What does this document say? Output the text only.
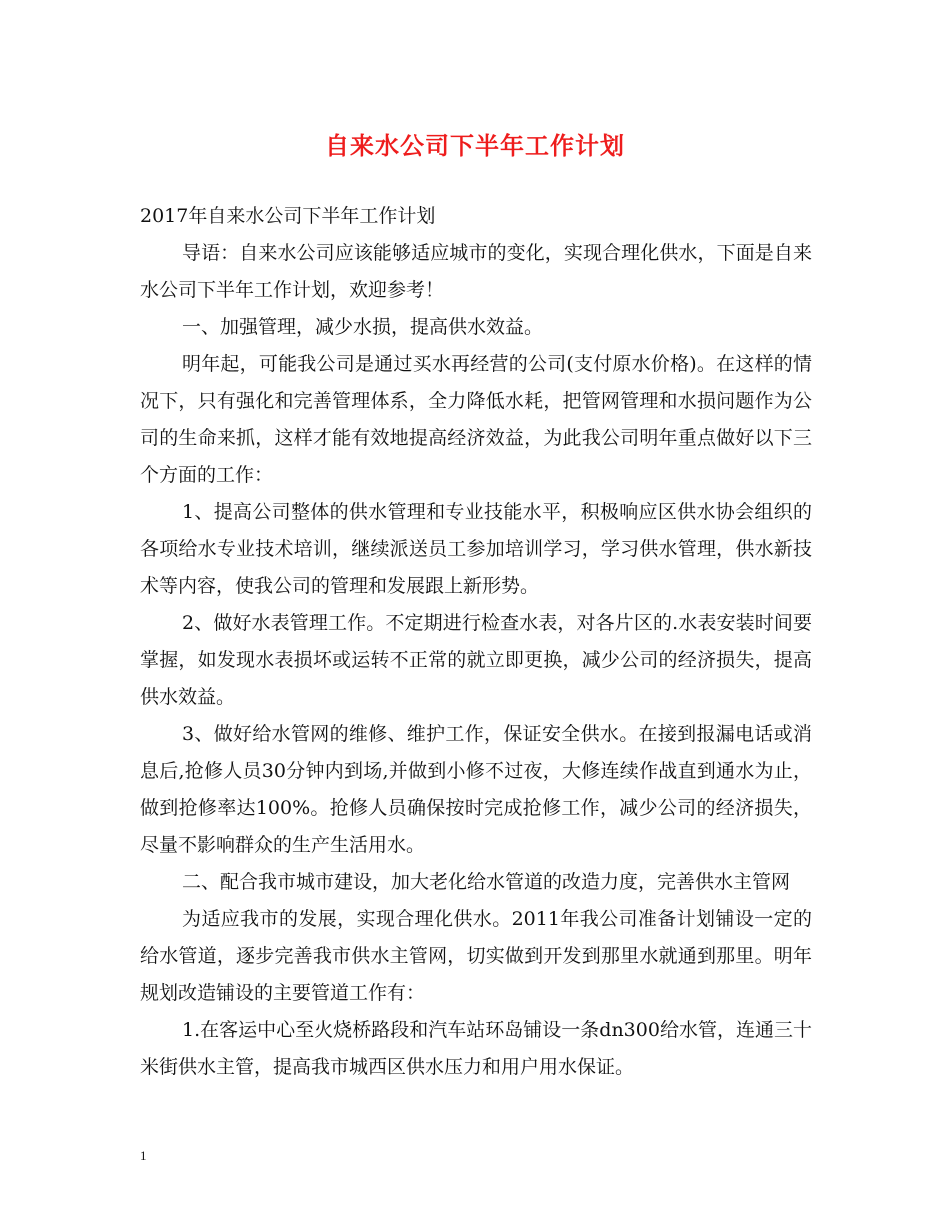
自来水公司下半年工作计划

2017年自来水公司下半年工作计划

导语：自来水公司应该能够适应城市的变化，实现合理化供水，下面是自来水公司下半年工作计划，欢迎参考！

一、加强管理，减少水损，提高供水效益。

明年起，可能我公司是通过买水再经营的公司(支付原水价格)。在这样的情况下，只有强化和完善管理体系，全力降低水耗，把管网管理和水损问题作为公司的生命来抓，这样才能有效地提高经济效益，为此我公司明年重点做好以下三个方面的工作：

1、提高公司整体的供水管理和专业技能水平，积极响应区供水协会组织的各项给水专业技术培训，继续派送员工参加培训学习，学习供水管理，供水新技术等内容，使我公司的管理和发展跟上新形势。

2、做好水表管理工作。不定期进行检查水表，对各片区的.水表安装时间要掌握，如发现水表损坏或运转不正常的就立即更换，减少公司的经济损失，提高供水效益。

3、做好给水管网的维修、维护工作，保证安全供水。在接到报漏电话或消息后,抢修人员30分钟内到场,并做到小修不过夜，大修连续作战直到通水为止，做到抢修率达100%。抢修人员确保按时完成抢修工作，减少公司的经济损失，尽量不影响群众的生产生活用水。

二、配合我市城市建设，加大老化给水管道的改造力度，完善供水主管网

为适应我市的发展，实现合理化供水。2011年我公司准备计划铺设一定的给水管道，逐步完善我市供水主管网，切实做到开发到那里水就通到那里。明年规划改造铺设的主要管道工作有：

1.在客运中心至火烧桥路段和汽车站环岛铺设一条dn300给水管，连通三十米街供水主管，提高我市城西区供水压力和用户用水保证。

1
